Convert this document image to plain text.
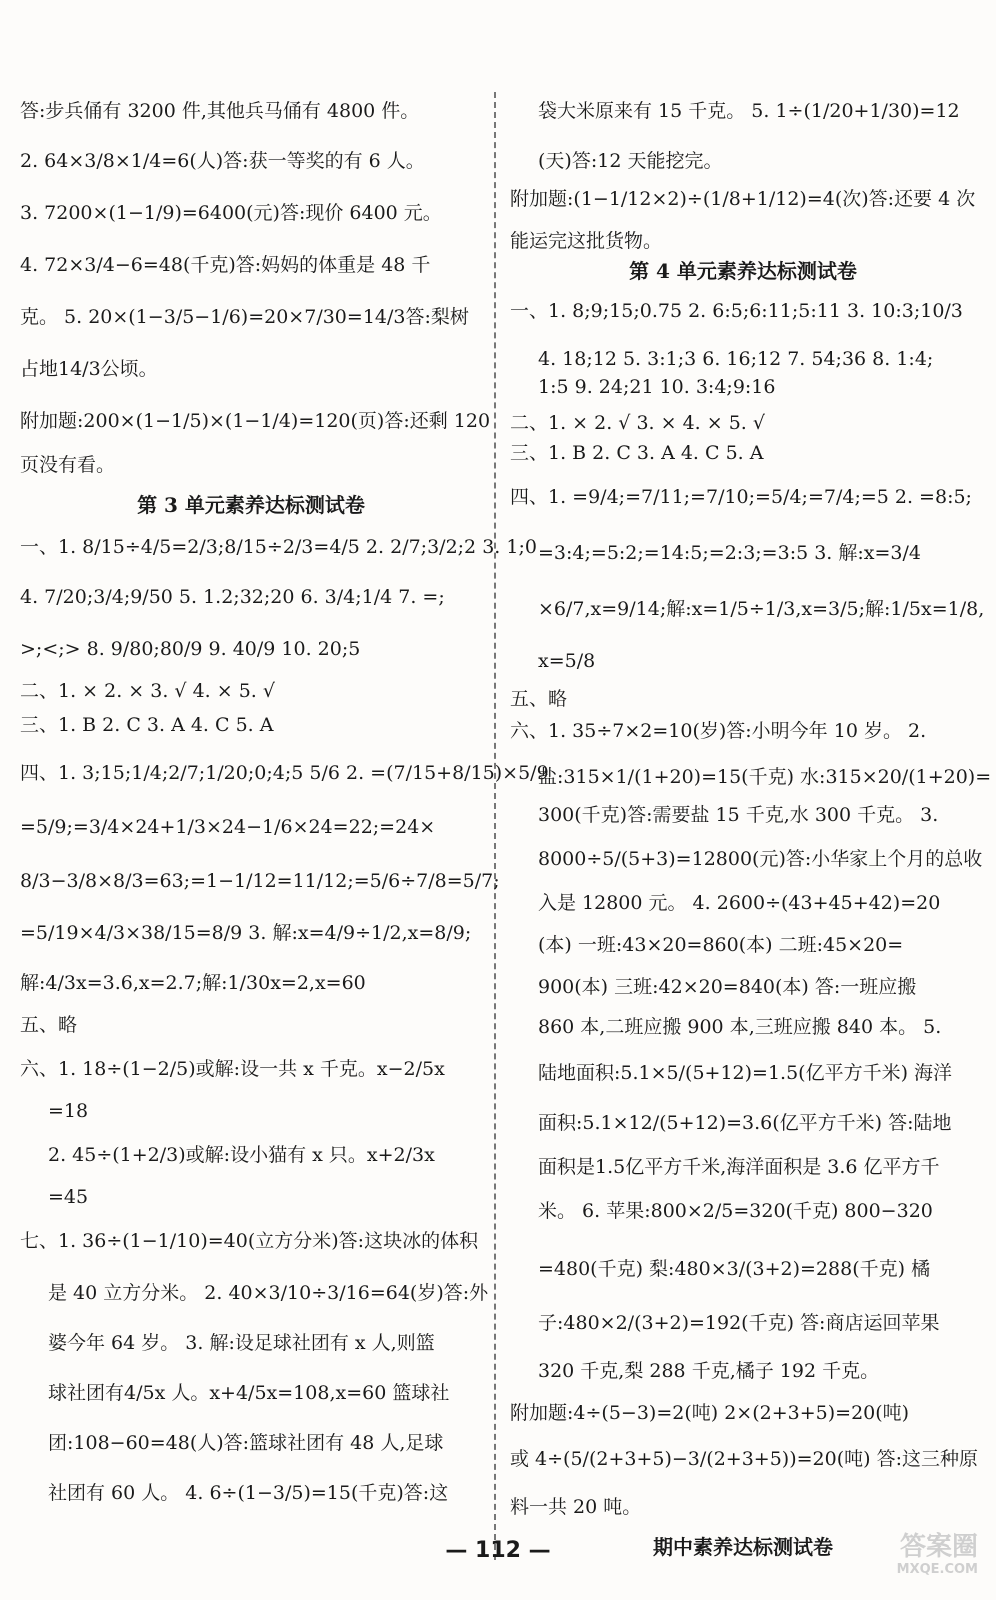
第 3 单元素养达标测试卷
答:步兵俑有 3200 件,其他兵马俑有 4800 件。
2. 64×3/8×1/4=6(人)答:获一等奖的有 6 人。
3. 7200×(1−1/9)=6400(元)答:现价 6400 元。
4. 72×3/4−6=48(千克)答:妈妈的体重是 48 千
克。 5. 20×(1−3/5−1/6)=20×7/30=14/3答:梨树
占地14/3公顷。
附加题:200×(1−1/5)×(1−1/4)=120(页)答:还剩 120
页没有看。
一、1. 8/15÷4/5=2/3;8/15÷2/3=4/5 2. 2/7;3/2;2 3. 1;0
4. 7/20;3/4;9/50 5. 1.2;32;20 6. 3/4;1/4 7. =;
>;<;> 8. 9/80;80/9 9. 40/9 10. 20;5
二、1. × 2. × 3. √ 4. × 5. √
三、1. B 2. C 3. A 4. C 5. A
四、1. 3;15;1/4;2/7;1/20;0;4;5 5/6 2. =(7/15+8/15)×5/9
=5/9;=3/4×24+1/3×24−1/6×24=22;=24×
8/3−3/8×8/3=63;=1−1/12=11/12;=5/6÷7/8=5/7;
=5/19×4/3×38/15=8/9 3. 解:x=4/9÷1/2,x=8/9;
解:4/3x=3.6,x=2.7;解:1/30x=2,x=60
五、略
六、1. 18÷(1−2/5)或解:设一共 x 千克。x−2/5x
=18
2. 45÷(1+2/3)或解:设小猫有 x 只。x+2/3x
=45
七、1. 36÷(1−1/10)=40(立方分米)答:这块冰的体积
是 40 立方分米。 2. 40×3/10÷3/16=64(岁)答:外
婆今年 64 岁。 3. 解:设足球社团有 x 人,则篮
球社团有4/5x 人。x+4/5x=108,x=60 篮球社
团:108−60=48(人)答:篮球社团有 48 人,足球
社团有 60 人。 4. 6÷(1−3/5)=15(千克)答:这
第 4 单元素养达标测试卷
期中素养达标测试卷
袋大米原来有 15 千克。 5. 1÷(1/20+1/30)=12
(天)答:12 天能挖完。
附加题:(1−1/12×2)÷(1/8+1/12)=4(次)答:还要 4 次
能运完这批货物。
一、1. 8;9;15;0.75 2. 6:5;6:11;5:11 3. 10:3;10/3
4. 18;12 5. 3:1;3 6. 16;12 7. 54;36 8. 1:4;
1:5 9. 24;21 10. 3:4;9:16
二、1. × 2. √ 3. × 4. × 5. √
三、1. B 2. C 3. A 4. C 5. A
四、1. =9/4;=7/11;=7/10;=5/4;=7/4;=5 2. =8:5;
=3:4;=5:2;=14:5;=2:3;=3:5 3. 解:x=3/4
×6/7,x=9/14;解:x=1/5÷1/3,x=3/5;解:1/5x=1/8,
x=5/8
五、略
六、1. 35÷7×2=10(岁)答:小明今年 10 岁。 2.
盐:315×1/(1+20)=15(千克) 水:315×20/(1+20)=
300(千克)答:需要盐 15 千克,水 300 千克。 3.
8000÷5/(5+3)=12800(元)答:小华家上个月的总收
入是 12800 元。 4. 2600÷(43+45+42)=20
(本) 一班:43×20=860(本) 二班:45×20=
900(本) 三班:42×20=840(本) 答:一班应搬
860 本,二班应搬 900 本,三班应搬 840 本。 5.
陆地面积:5.1×5/(5+12)=1.5(亿平方千米) 海洋
面积:5.1×12/(5+12)=3.6(亿平方千米) 答:陆地
面积是1.5亿平方千米,海洋面积是 3.6 亿平方千
米。 6. 苹果:800×2/5=320(千克) 800−320
=480(千克) 梨:480×3/(3+2)=288(千克) 橘
子:480×2/(3+2)=192(千克) 答:商店运回苹果
320 千克,梨 288 千克,橘子 192 千克。
附加题:4÷(5−3)=2(吨) 2×(2+3+5)=20(吨)
或 4÷(5/(2+3+5)−3/(2+3+5))=20(吨) 答:这三种原
料一共 20 吨。
— 112 —	答案圈
MXQE.COM
